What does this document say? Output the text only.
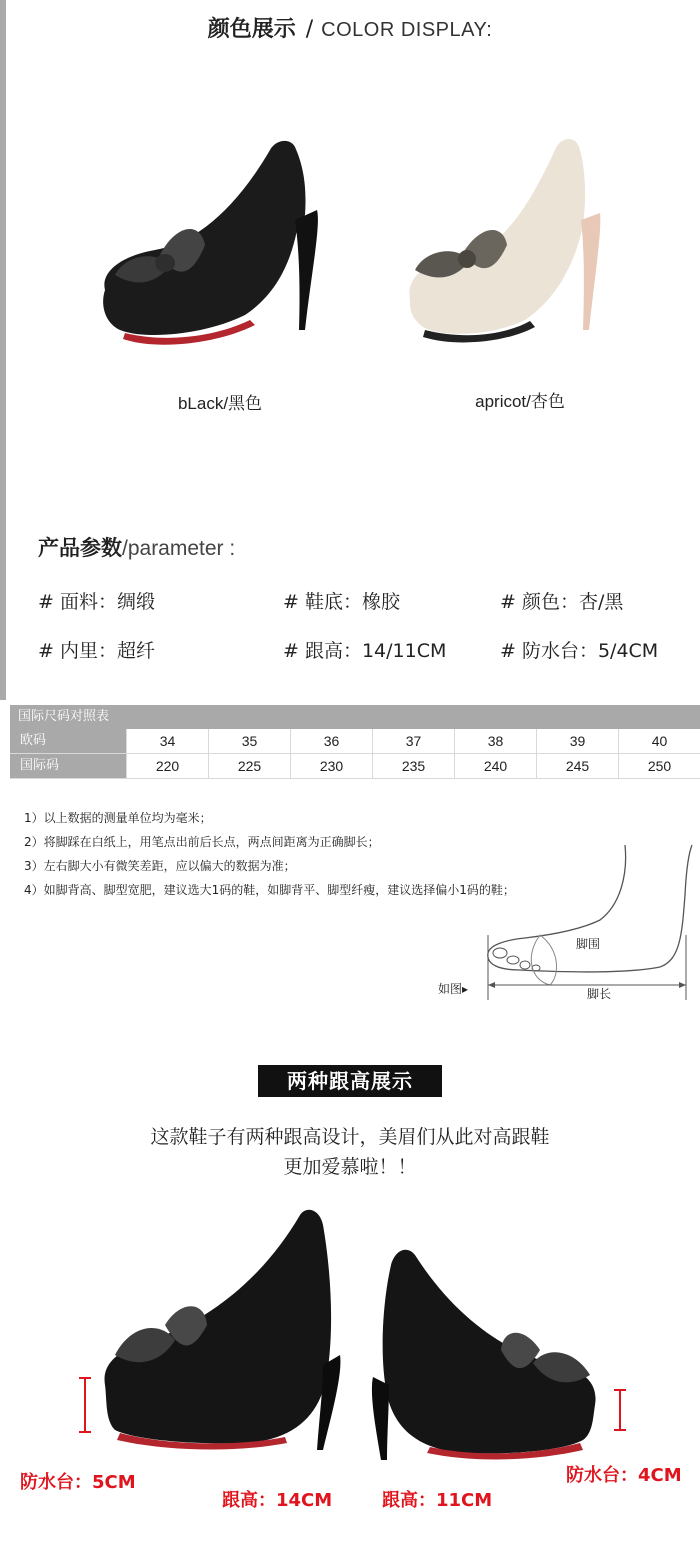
颜色展示 / COLOR DISPLAY:
bLack/黑色	apricot/杏色
产品参数/parameter :
# 面料：绸缎	# 鞋底：橡胶	# 颜色：杏/黑
# 内里：超纤	# 跟高：14/11CM	# 防水台：5/4CM
国际尺码对照表
欧码	34	35	36	37	38	39	40
国际码	220	225	230	235	240	245	250
1）以上数据的测量单位均为毫米；
2）将脚踩在白纸上，用笔点出前后长点，两点间距离为正确脚长；
3）左右脚大小有微笑差距，应以偏大的数据为准；
4）如脚背高、脚型宽肥，建议选大1码的鞋，如脚背平、脚型纤瘦，建议选择偏小1码的鞋；
脚围
如图▸	脚长
两种跟高展示
这款鞋子有两种跟高设计，美眉们从此对高跟鞋
更加爱慕啦！！
防水台：5CM
跟高：14CM	跟高：11CM
防水台：4CM
